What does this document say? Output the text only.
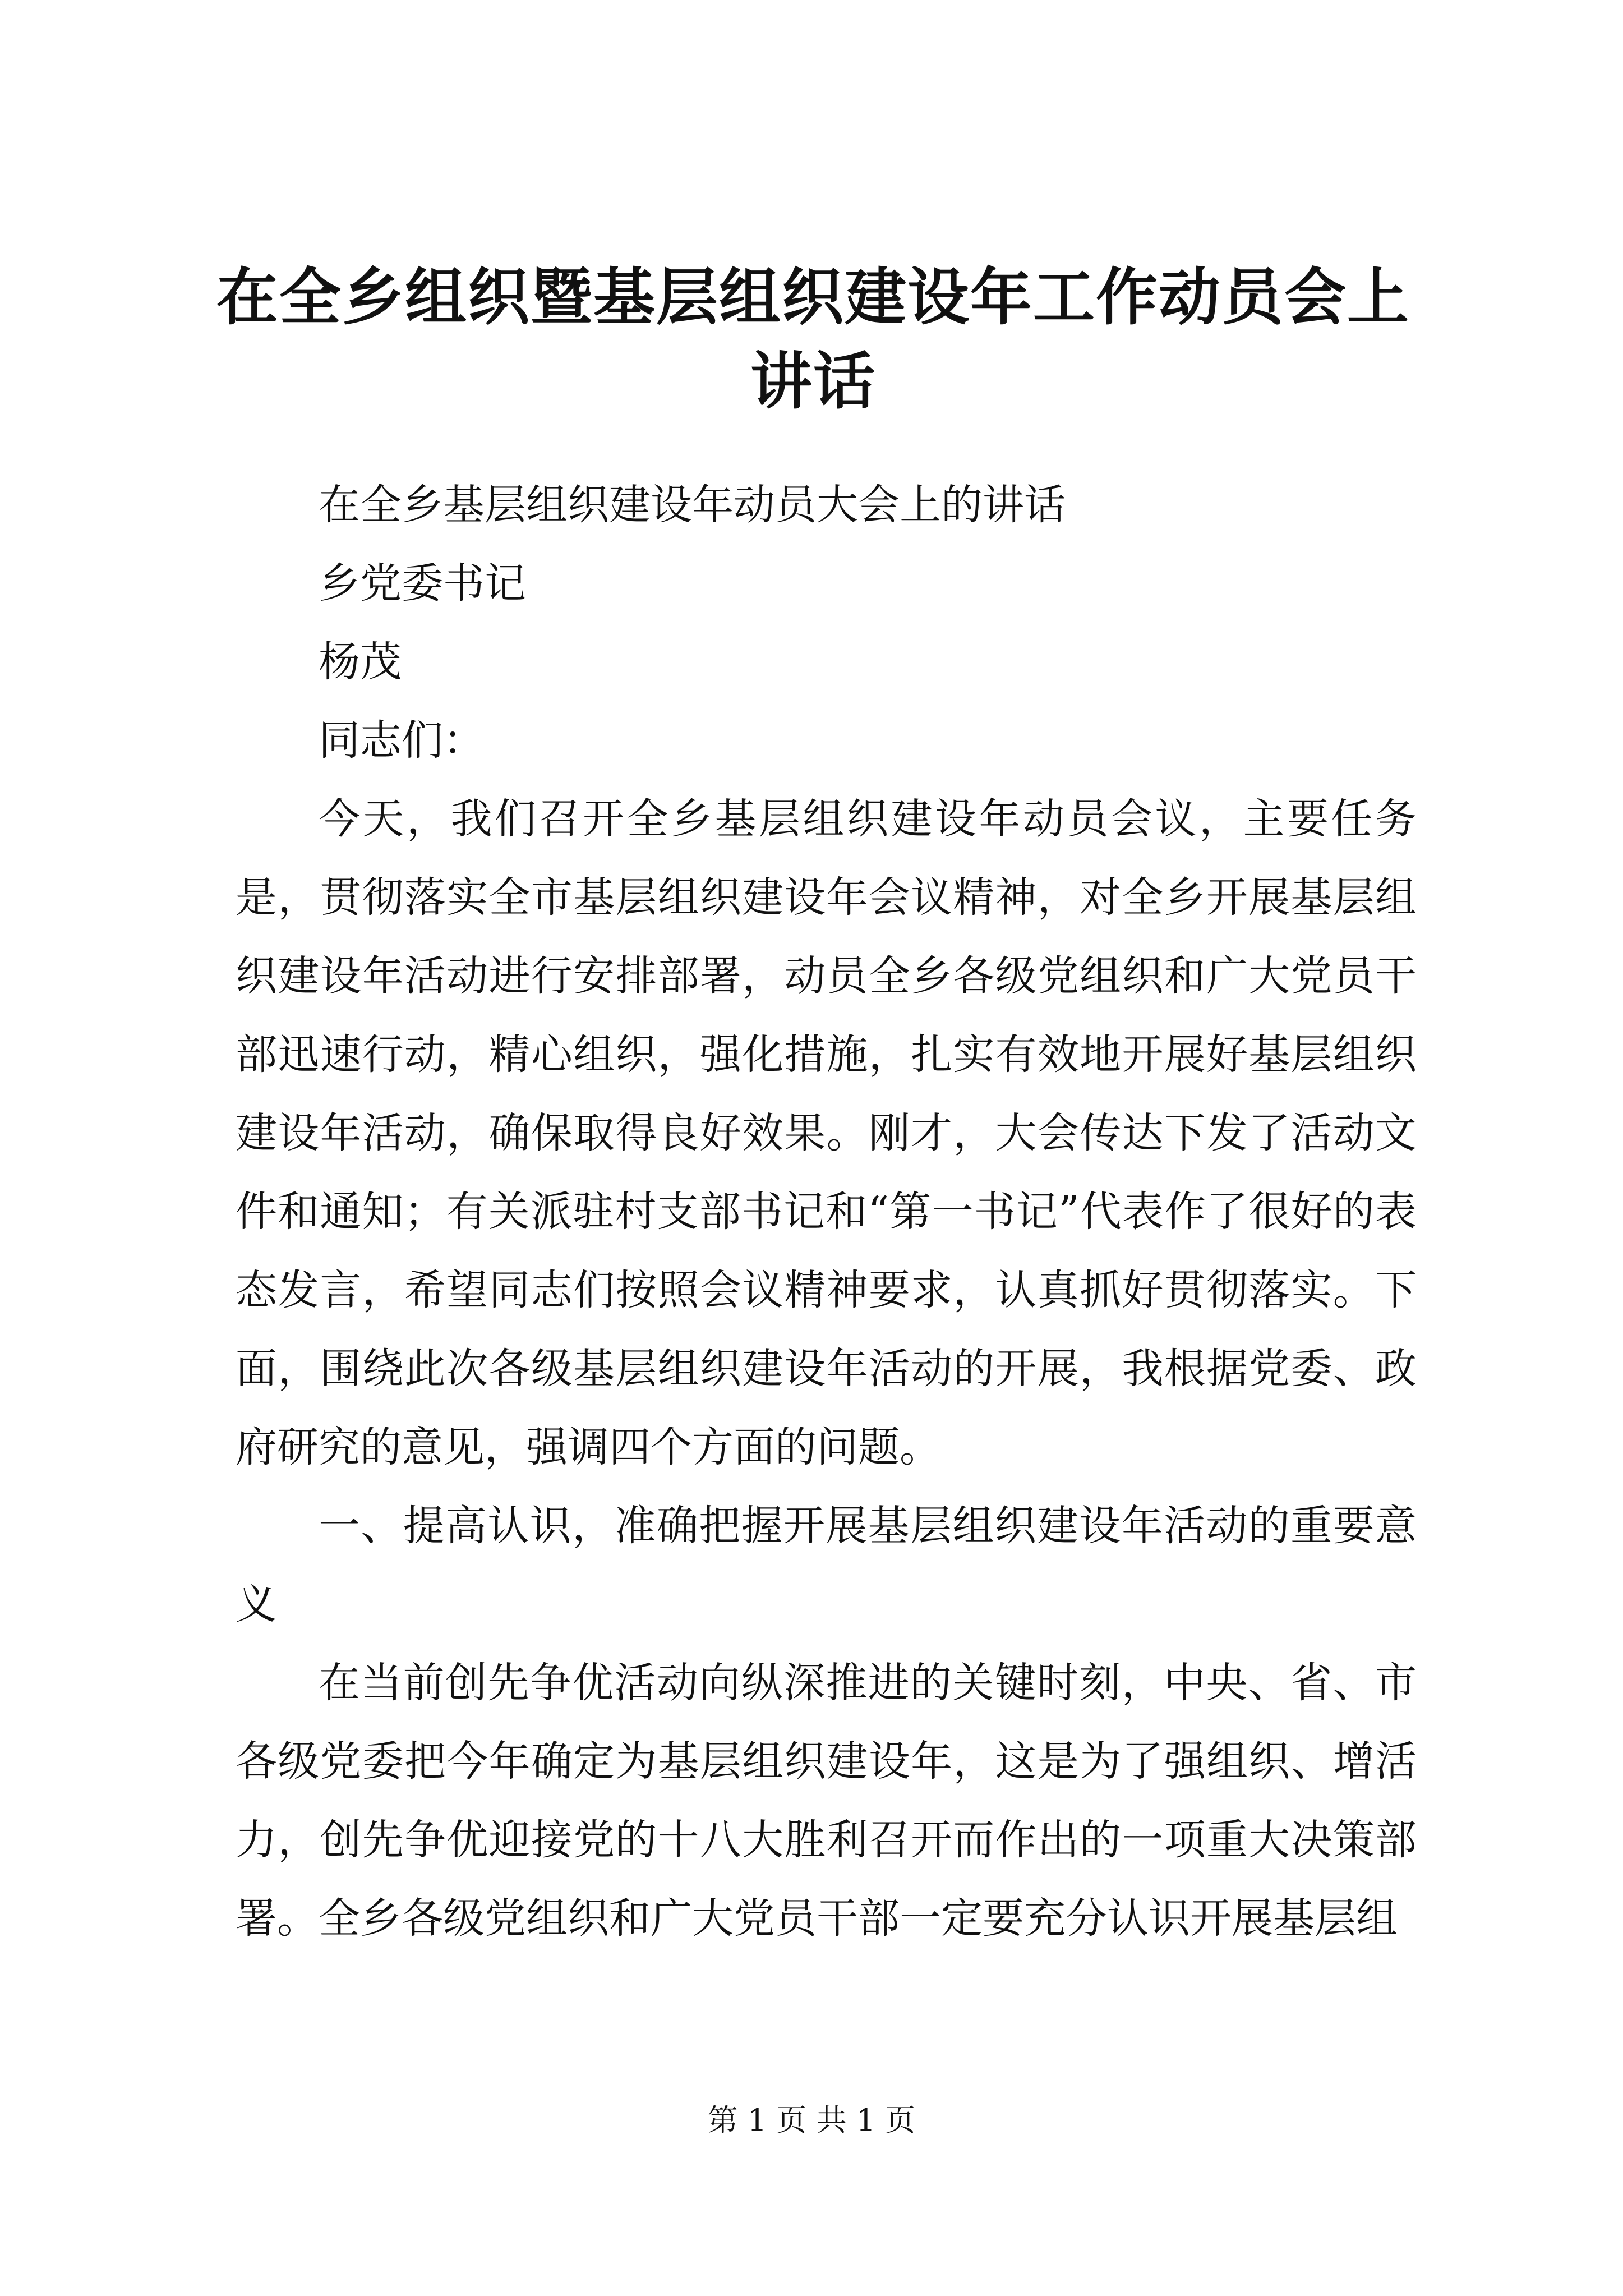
在全乡组织暨基层组织建设年工作动员会上讲话

在全乡基层组织建设年动员大会上的讲话

乡党委书记

杨茂

同志们：

今天，我们召开全乡基层组织建设年动员会议，主要任务是，贯彻落实全市基层组织建设年会议精神，对全乡开展基层组织建设年活动进行安排部署，动员全乡各级党组织和广大党员干部迅速行动，精心组织，强化措施，扎实有效地开展好基层组织建设年活动，确保取得良好效果。刚才，大会传达下发了活动文件和通知；有关派驻村支部书记和“第一书记”代表作了很好的表态发言，希望同志们按照会议精神要求，认真抓好贯彻落实。下面，围绕此次各级基层组织建设年活动的开展，我根据党委、政府研究的意见，强调四个方面的问题。

一、提高认识，准确把握开展基层组织建设年活动的重要意义

在当前创先争优活动向纵深推进的关键时刻，中央、省、市各级党委把今年确定为基层组织建设年，这是为了强组织、增活力，创先争优迎接党的十八大胜利召开而作出的一项重大决策部署。全乡各级党组织和广大党员干部一定要充分认识开展基层组

第 1 页 共 1 页
